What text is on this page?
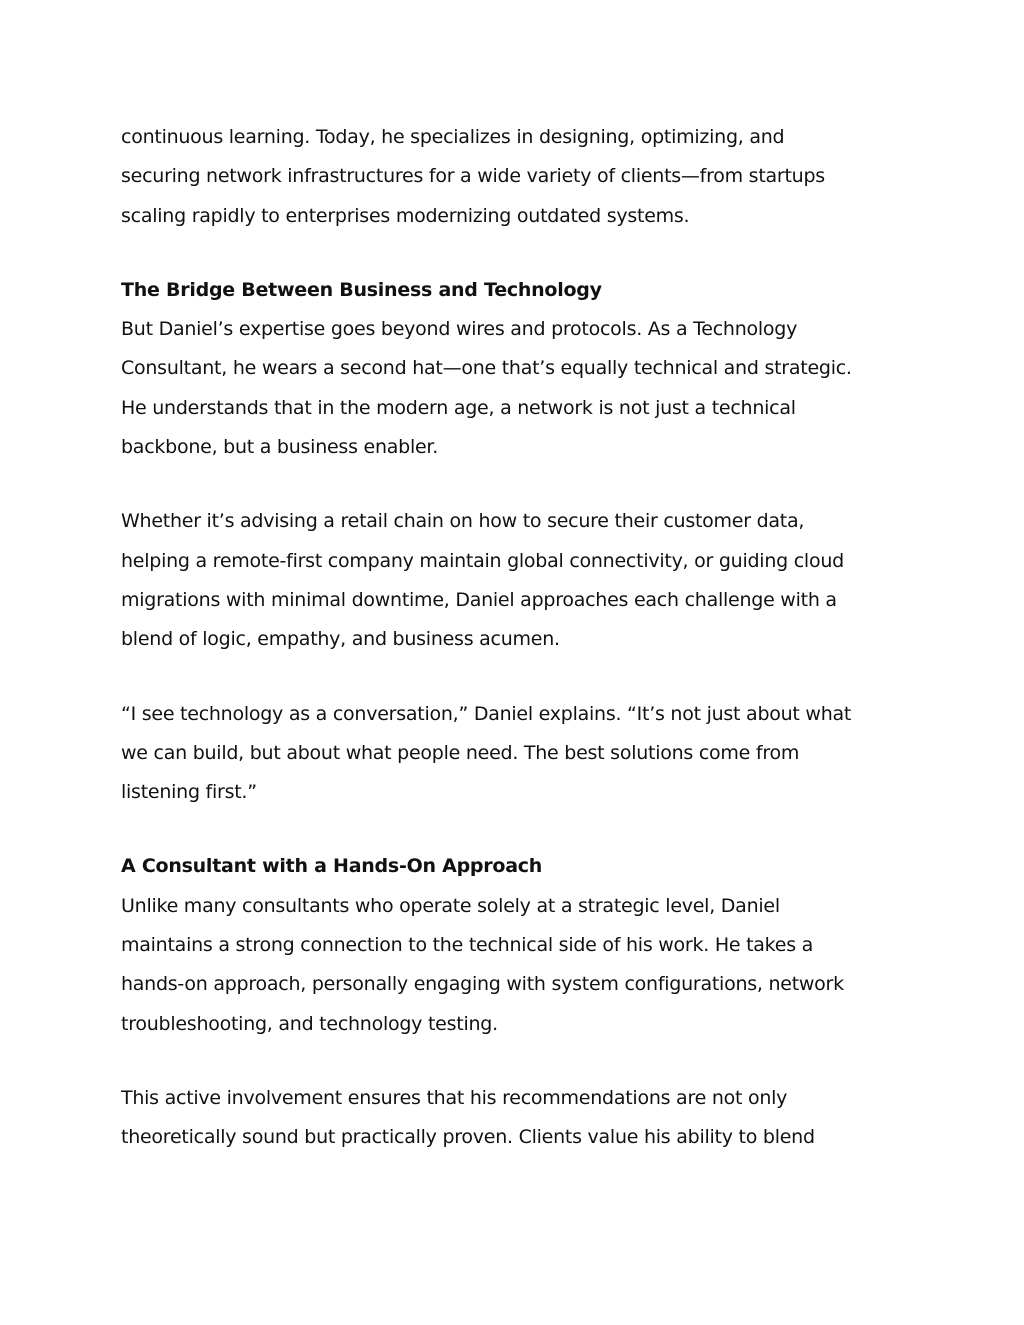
continuous learning. Today, he specializes in designing, optimizing, and
securing network infrastructures for a wide variety of clients—from startups
scaling rapidly to enterprises modernizing outdated systems.

The Bridge Between Business and Technology

But Daniel’s expertise goes beyond wires and protocols. As a Technology
Consultant, he wears a second hat—one that’s equally technical and strategic.
He understands that in the modern age, a network is not just a technical
backbone, but a business enabler.

Whether it’s advising a retail chain on how to secure their customer data,
helping a remote-first company maintain global connectivity, or guiding cloud
migrations with minimal downtime, Daniel approaches each challenge with a
blend of logic, empathy, and business acumen.

“I see technology as a conversation,” Daniel explains. “It’s not just about what
we can build, but about what people need. The best solutions come from
listening first.”

A Consultant with a Hands-On Approach

Unlike many consultants who operate solely at a strategic level, Daniel
maintains a strong connection to the technical side of his work. He takes a
hands-on approach, personally engaging with system configurations, network
troubleshooting, and technology testing.

This active involvement ensures that his recommendations are not only
theoretically sound but practically proven. Clients value his ability to blend
